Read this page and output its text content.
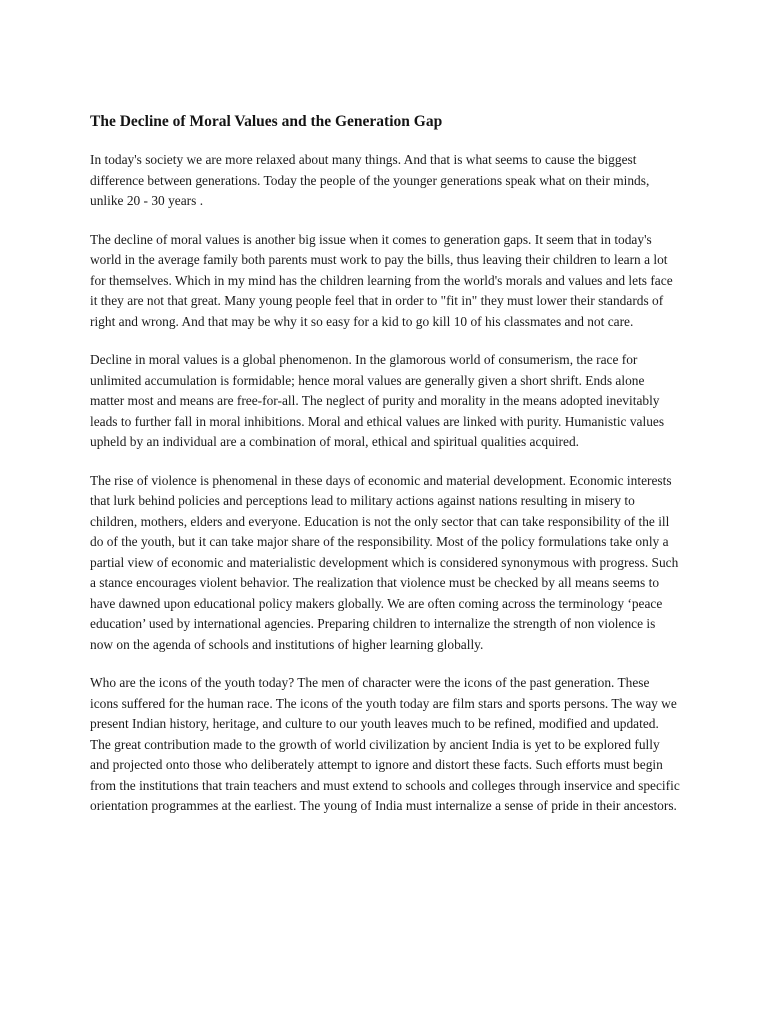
The Decline of Moral Values and the Generation Gap

In today's society we are more relaxed about many things. And that is what seems to cause the biggest difference between generations. Today the people of the younger generations speak what on their minds, unlike 20 - 30 years .

The decline of moral values is another big issue when it comes to generation gaps. It seem that in today's world in the average family both parents must work to pay the bills, thus leaving their children to learn a lot for themselves. Which in my mind has the children learning from the world's morals and values and lets face it they are not that great. Many young people feel that in order to "fit in" they must lower their standards of right and wrong. And that may be why it so easy for a kid to go kill 10 of his classmates and not care.

Decline in moral values is a global phenomenon. In the glamorous world of consumerism, the race for unlimited accumulation is formidable; hence moral values are generally given a short shrift. Ends alone matter most and means are free-for-all. The neglect of purity and morality in the means adopted inevitably leads to further fall in moral inhibitions. Moral and ethical values are linked with purity. Humanistic values upheld by an individual are a combination of moral, ethical and spiritual qualities acquired.

The rise of violence is phenomenal in these days of economic and material development. Economic interests that lurk behind policies and perceptions lead to military actions against nations resulting in misery to children, mothers, elders and everyone. Education is not the only sector that can take responsibility of the ill do of the youth, but it can take major share of the responsibility. Most of the policy formulations take only a partial view of economic and materialistic development which is considered synonymous with progress. Such a stance encourages violent behavior. The realization that violence must be checked by all means seems to have dawned upon educational policy makers globally. We are often coming across the terminology ‘peace education’ used by international agencies. Preparing children to internalize the strength of non violence is now on the agenda of schools and institutions of higher learning globally.

Who are the icons of the youth today? The men of character were the icons of the past generation. These icons suffered for the human race. The icons of the youth today are film stars and sports persons. The way we present Indian history, heritage, and culture to our youth leaves much to be refined, modified and updated. The great contribution made to the growth of world civilization by ancient India is yet to be explored fully and projected onto those who deliberately attempt to ignore and distort these facts. Such efforts must begin from the institutions that train teachers and must extend to schools and colleges through inservice and specific orientation programmes at the earliest. The young of India must internalize a sense of pride in their ancestors.
